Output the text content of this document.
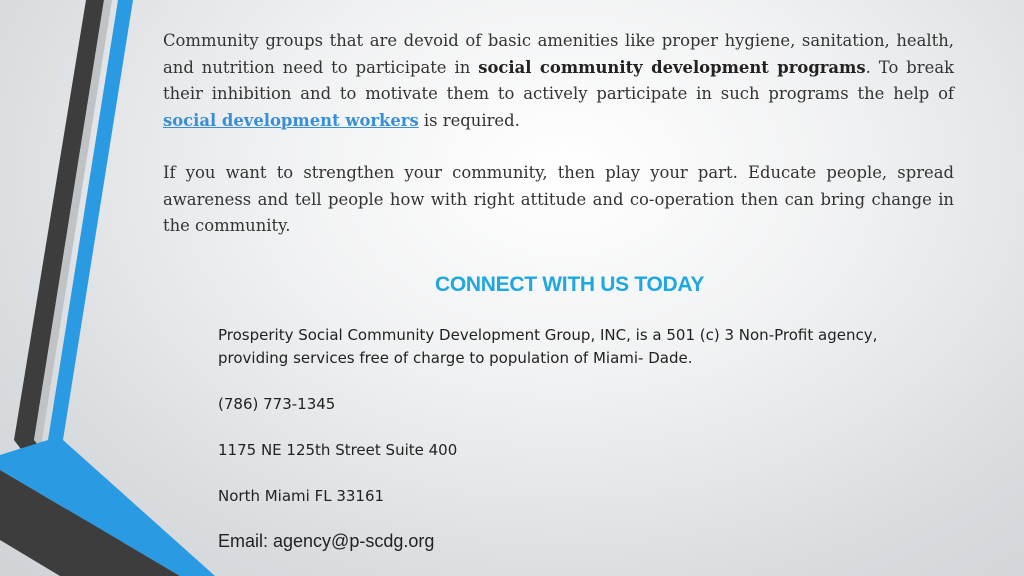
Community groups that are devoid of basic amenities like proper hygiene, sanitation, health, and nutrition need to participate in social community development programs. To break their inhibition and to motivate them to actively participate in such programs the help of social development workers is required.

If you want to strengthen your community, then play your part. Educate people, spread awareness and tell people how with right attitude and co-operation then can bring change in the community.

CONNECT WITH US TODAY
Prosperity Social Community Development Group, INC, is a 501 (c) 3 Non-Profit agency,
providing services free of charge to population of Miami- Dade.
(786) 773-1345
1175 NE 125th Street Suite 400
North Miami FL 33161
Email: agency@p-scdg.org
